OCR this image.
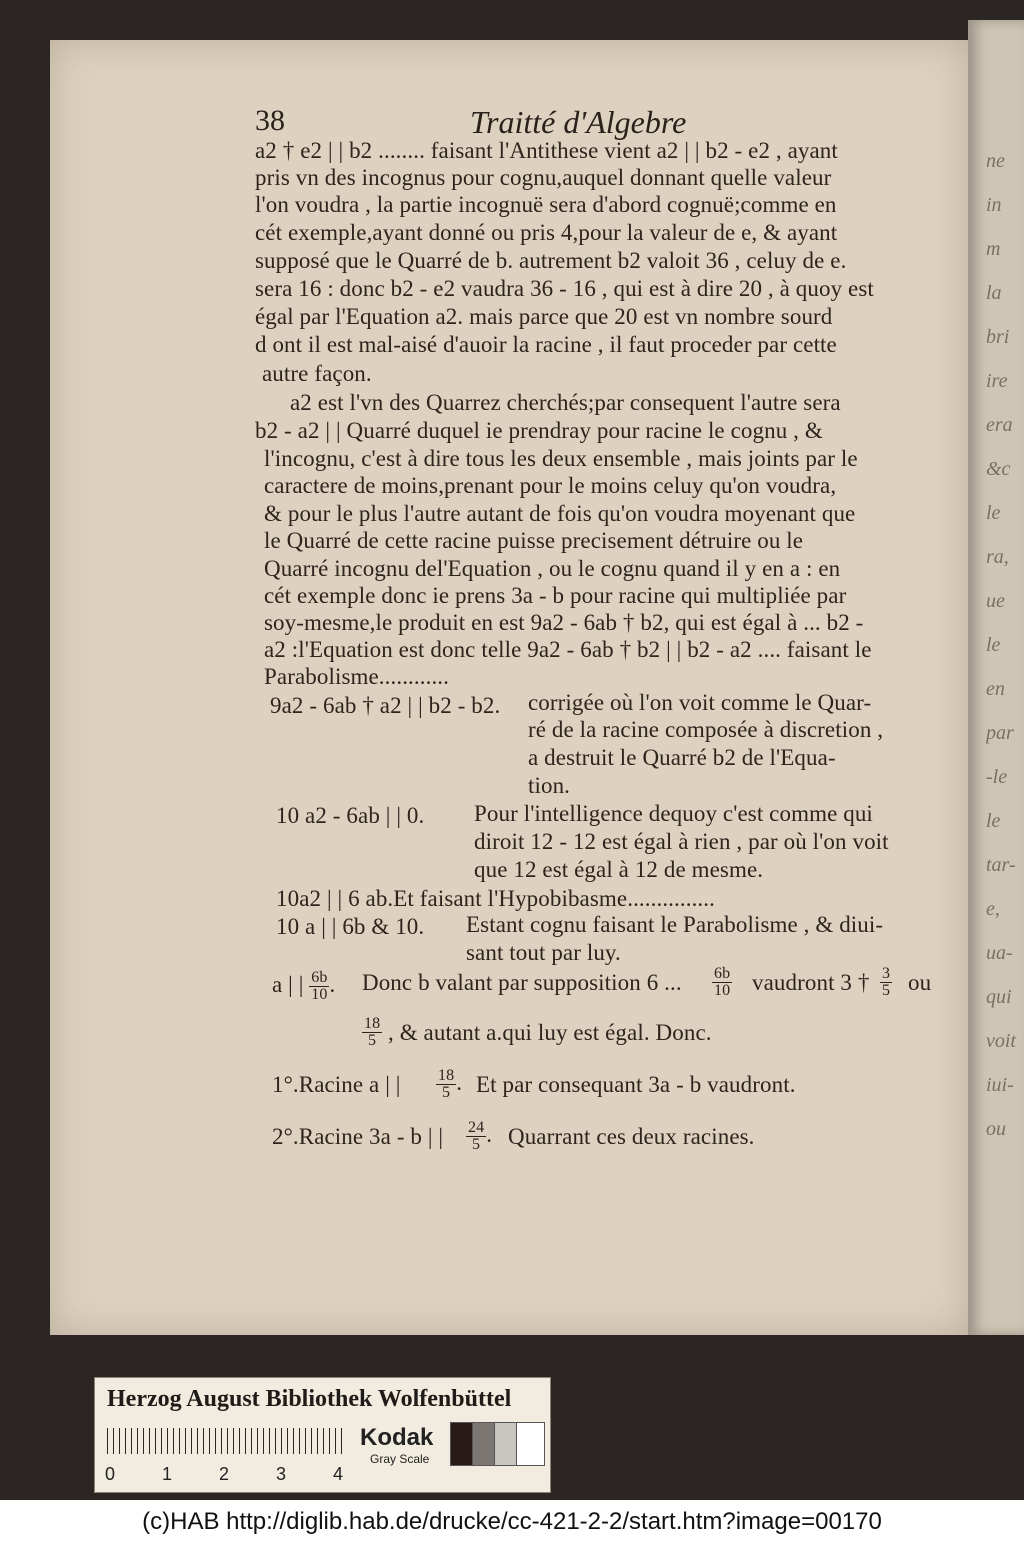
ne
in
m
la
bri
ire
era
&c
le
ra,
ue
le
en
par
-le
le
tar-
e,
ua-
qui
voit
iui-
ou
38	Traitté d'Algebre
a2 † e2 | | b2 ........ faisant l'Antithese vient a2 | | b2 - e2 , ayant
pris vn des incognus pour cognu,auquel donnant quelle valeur
l'on voudra , la partie incognuë sera d'abord cognuë;comme en
cét exemple,ayant donné ou pris 4,pour la valeur de e, & ayant
supposé que le Quarré de b. autrement b2 valoit 36 , celuy de e.
sera 16 : donc b2 - e2 vaudra 36 - 16 , qui est à dire 20 , à quoy est
égal par l'Equation a2. mais parce que 20 est vn nombre sourd
d ont il est mal-aisé d'auoir la racine , il faut proceder par cette
autre façon.
a2 est l'vn des Quarrez cherchés;par consequent l'autre sera
b2 - a2 | | Quarré duquel ie prendray pour racine le cognu , &
l'incognu, c'est à dire tous les deux ensemble , mais joints par le
caractere de moins,prenant pour le moins celuy qu'on voudra,
& pour le plus l'autre autant de fois qu'on voudra moyenant que
le Quarré de cette racine puisse precisement détruire ou le
Quarré incognu del'Equation , ou le cognu quand il y en a : en
cét exemple donc ie prens 3a - b pour racine qui multipliée par
soy-mesme,le produit en est 9a2 - 6ab † b2, qui est égal à ... b2 -
a2 :l'Equation est donc telle 9a2 - 6ab † b2 | | b2 - a2 .... faisant le
Parabolisme............
9a2 - 6ab † a2 | | b2 - b2. corrigée où l'on voit comme le Quar-
ré de la racine composée à discretion ,
a destruit le Quarré b2 de l'Equa-
tion.
10 a2 - 6ab | | 0. Pour l'intelligence dequoy c'est comme qui
diroit 12 - 12 est égal à rien , par où l'on voit
que 12 est égal à 12 de mesme.
10a2 | | 6 ab.Et faisant l'Hypobibasme...............
10 a | | 6b & 10. Estant cognu faisant le Parabolisme , & diui-
sant tout par luy.
a | | $\frac{6b}{10}$ . Donc b valant par supposition 6 ... $\frac{6b}{10}$ vaudront 3 † $\frac{3}{5}$ ou
$\frac{18}{5}$ , & autant a.qui luy est égal. Donc.
1°.Racine a | | $\frac{18}{5}$ . Et par consequant 3a - b vaudront.
2°.Racine 3a - b | | $\frac{24}{5}$ . Quarrant ces deux racines.
Herzog August Bibliothek Wolfenbüttel
0	1	2	3	4
Kodak
Gray Scale
(c)HAB http://diglib.hab.de/drucke/cc-421-2-2/start.htm?image=00170
